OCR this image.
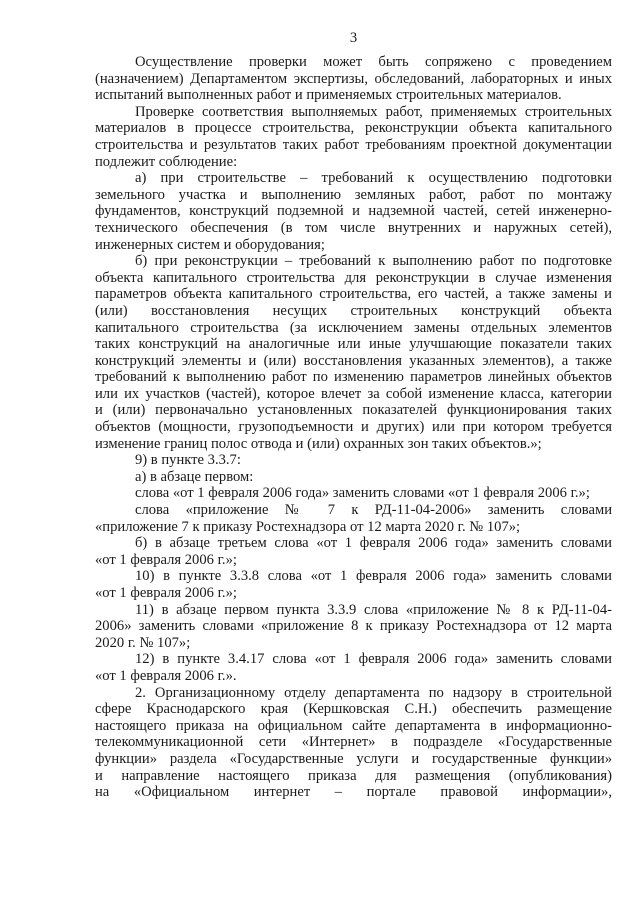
3
Осуществление проверки может быть сопряжено с проведением
(назначением) Департаментом экспертизы, обследований, лабораторных и иных
испытаний выполненных работ и применяемых строительных материалов.
Проверке соответствия выполняемых работ, применяемых строительных
материалов в процессе строительства, реконструкции объекта капитального
строительства и результатов таких работ требованиям проектной документации
подлежит соблюдение:
а) при строительстве – требований к осуществлению подготовки
земельного участка и выполнению земляных работ, работ по монтажу
фундаментов, конструкций подземной и надземной частей, сетей инженерно-
технического обеспечения (в том числе внутренних и наружных сетей),
инженерных систем и оборудования;
б) при реконструкции – требований к выполнению работ по подготовке
объекта капитального строительства для реконструкции в случае изменения
параметров объекта капитального строительства, его частей, а также замены и
(или) восстановления несущих строительных конструкций объекта
капитального строительства (за исключением замены отдельных элементов
таких конструкций на аналогичные или иные улучшающие показатели таких
конструкций элементы и (или) восстановления указанных элементов), а также
требований к выполнению работ по изменению параметров линейных объектов
или их участков (частей), которое влечет за собой изменение класса, категории
и (или) первоначально установленных показателей функционирования таких
объектов (мощности, грузоподъемности и других) или при котором требуется
изменение границ полос отвода и (или) охранных зон таких объектов.»;
9) в пункте 3.3.7:
а) в абзаце первом:
слова «от 1 февраля 2006 года» заменить словами «от 1 февраля 2006 г.»;
слова «приложение № 7 к РД-11-04-2006» заменить словами
«приложение 7 к приказу Ростехнадзора от 12 марта 2020 г. № 107»;
б) в абзаце третьем слова «от 1 февраля 2006 года» заменить словами
«от 1 февраля 2006 г.»;
10) в пункте 3.3.8 слова «от 1 февраля 2006 года» заменить словами
«от 1 февраля 2006 г.»;
11) в абзаце первом пункта 3.3.9 слова «приложение № 8 к РД-11-04-
2006» заменить словами «приложение 8 к приказу Ростехнадзора от 12 марта
2020 г. № 107»;
12) в пункте 3.4.17 слова «от 1 февраля 2006 года» заменить словами
«от 1 февраля 2006 г.».
2. Организационному отделу департамента по надзору в строительной
сфере Краснодарского края (Кершковская С.Н.) обеспечить размещение
настоящего приказа на официальном сайте департамента в информационно-
телекоммуникационной сети «Интернет» в подразделе «Государственные
функции» раздела «Государственные услуги и государственные функции»
и направление настоящего приказа для размещения (опубликования)
на «Официальном интернет – портале правовой информации»,
